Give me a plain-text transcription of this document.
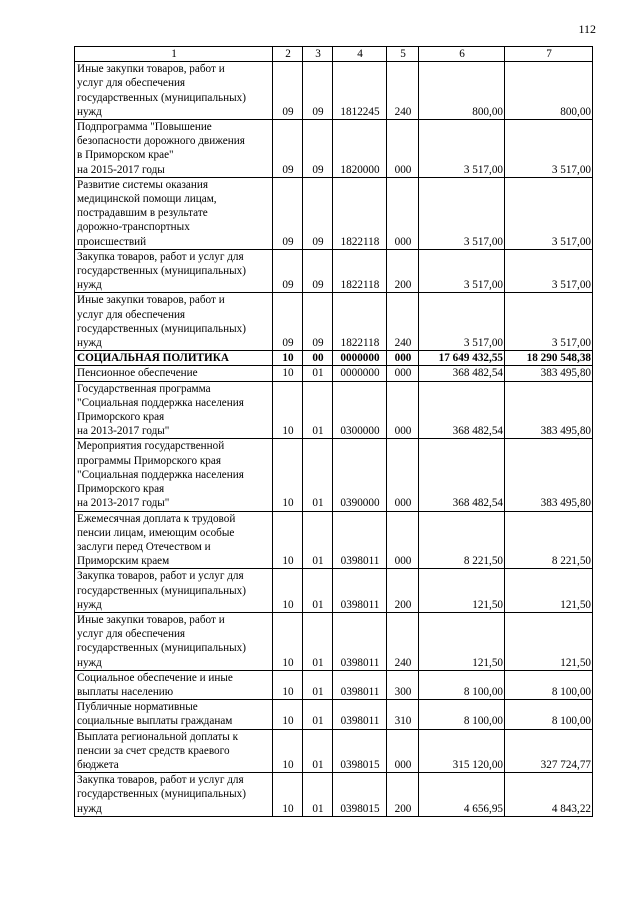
112
1	2	3	4	5	6	7
Иные закупки товаров, работ и
услуг для обеспечения
государственных (муниципальных)
нужд	09	09	1812245	240	800,00	800,00
Подпрограмма "Повышение
безопасности дорожного движения
в Приморском крае"
на 2015-2017 годы	09	09	1820000	000	3 517,00	3 517,00
Развитие системы оказания
медицинской помощи лицам,
пострадавшим в результате
дорожно-транспортных
происшествий	09	09	1822118	000	3 517,00	3 517,00
Закупка товаров, работ и услуг для
государственных (муниципальных)
нужд	09	09	1822118	200	3 517,00	3 517,00
Иные закупки товаров, работ и
услуг для обеспечения
государственных (муниципальных)
нужд	09	09	1822118	240	3 517,00	3 517,00
СОЦИАЛЬНАЯ ПОЛИТИКА	10	00	0000000	000	17 649 432,55	18 290 548,38
Пенсионное обеспечение	10	01	0000000	000	368 482,54	383 495,80
Государственная программа
"Социальная поддержка населения
Приморского края
на 2013-2017 годы"	10	01	0300000	000	368 482,54	383 495,80
Мероприятия государственной
программы Приморского края
"Социальная поддержка населения
Приморского края
на 2013-2017 годы"	10	01	0390000	000	368 482,54	383 495,80
Ежемесячная доплата к трудовой
пенсии лицам, имеющим особые
заслуги перед Отечеством и
Приморским краем	10	01	0398011	000	8 221,50	8 221,50
Закупка товаров, работ и услуг для
государственных (муниципальных)
нужд	10	01	0398011	200	121,50	121,50
Иные закупки товаров, работ и
услуг для обеспечения
государственных (муниципальных)
нужд	10	01	0398011	240	121,50	121,50
Социальное обеспечение и иные
выплаты населению	10	01	0398011	300	8 100,00	8 100,00
Публичные нормативные
социальные выплаты гражданам	10	01	0398011	310	8 100,00	8 100,00
Выплата региональной доплаты к
пенсии за счет средств краевого
бюджета	10	01	0398015	000	315 120,00	327 724,77
Закупка товаров, работ и услуг для
государственных (муниципальных)
нужд	10	01	0398015	200	4 656,95	4 843,22
